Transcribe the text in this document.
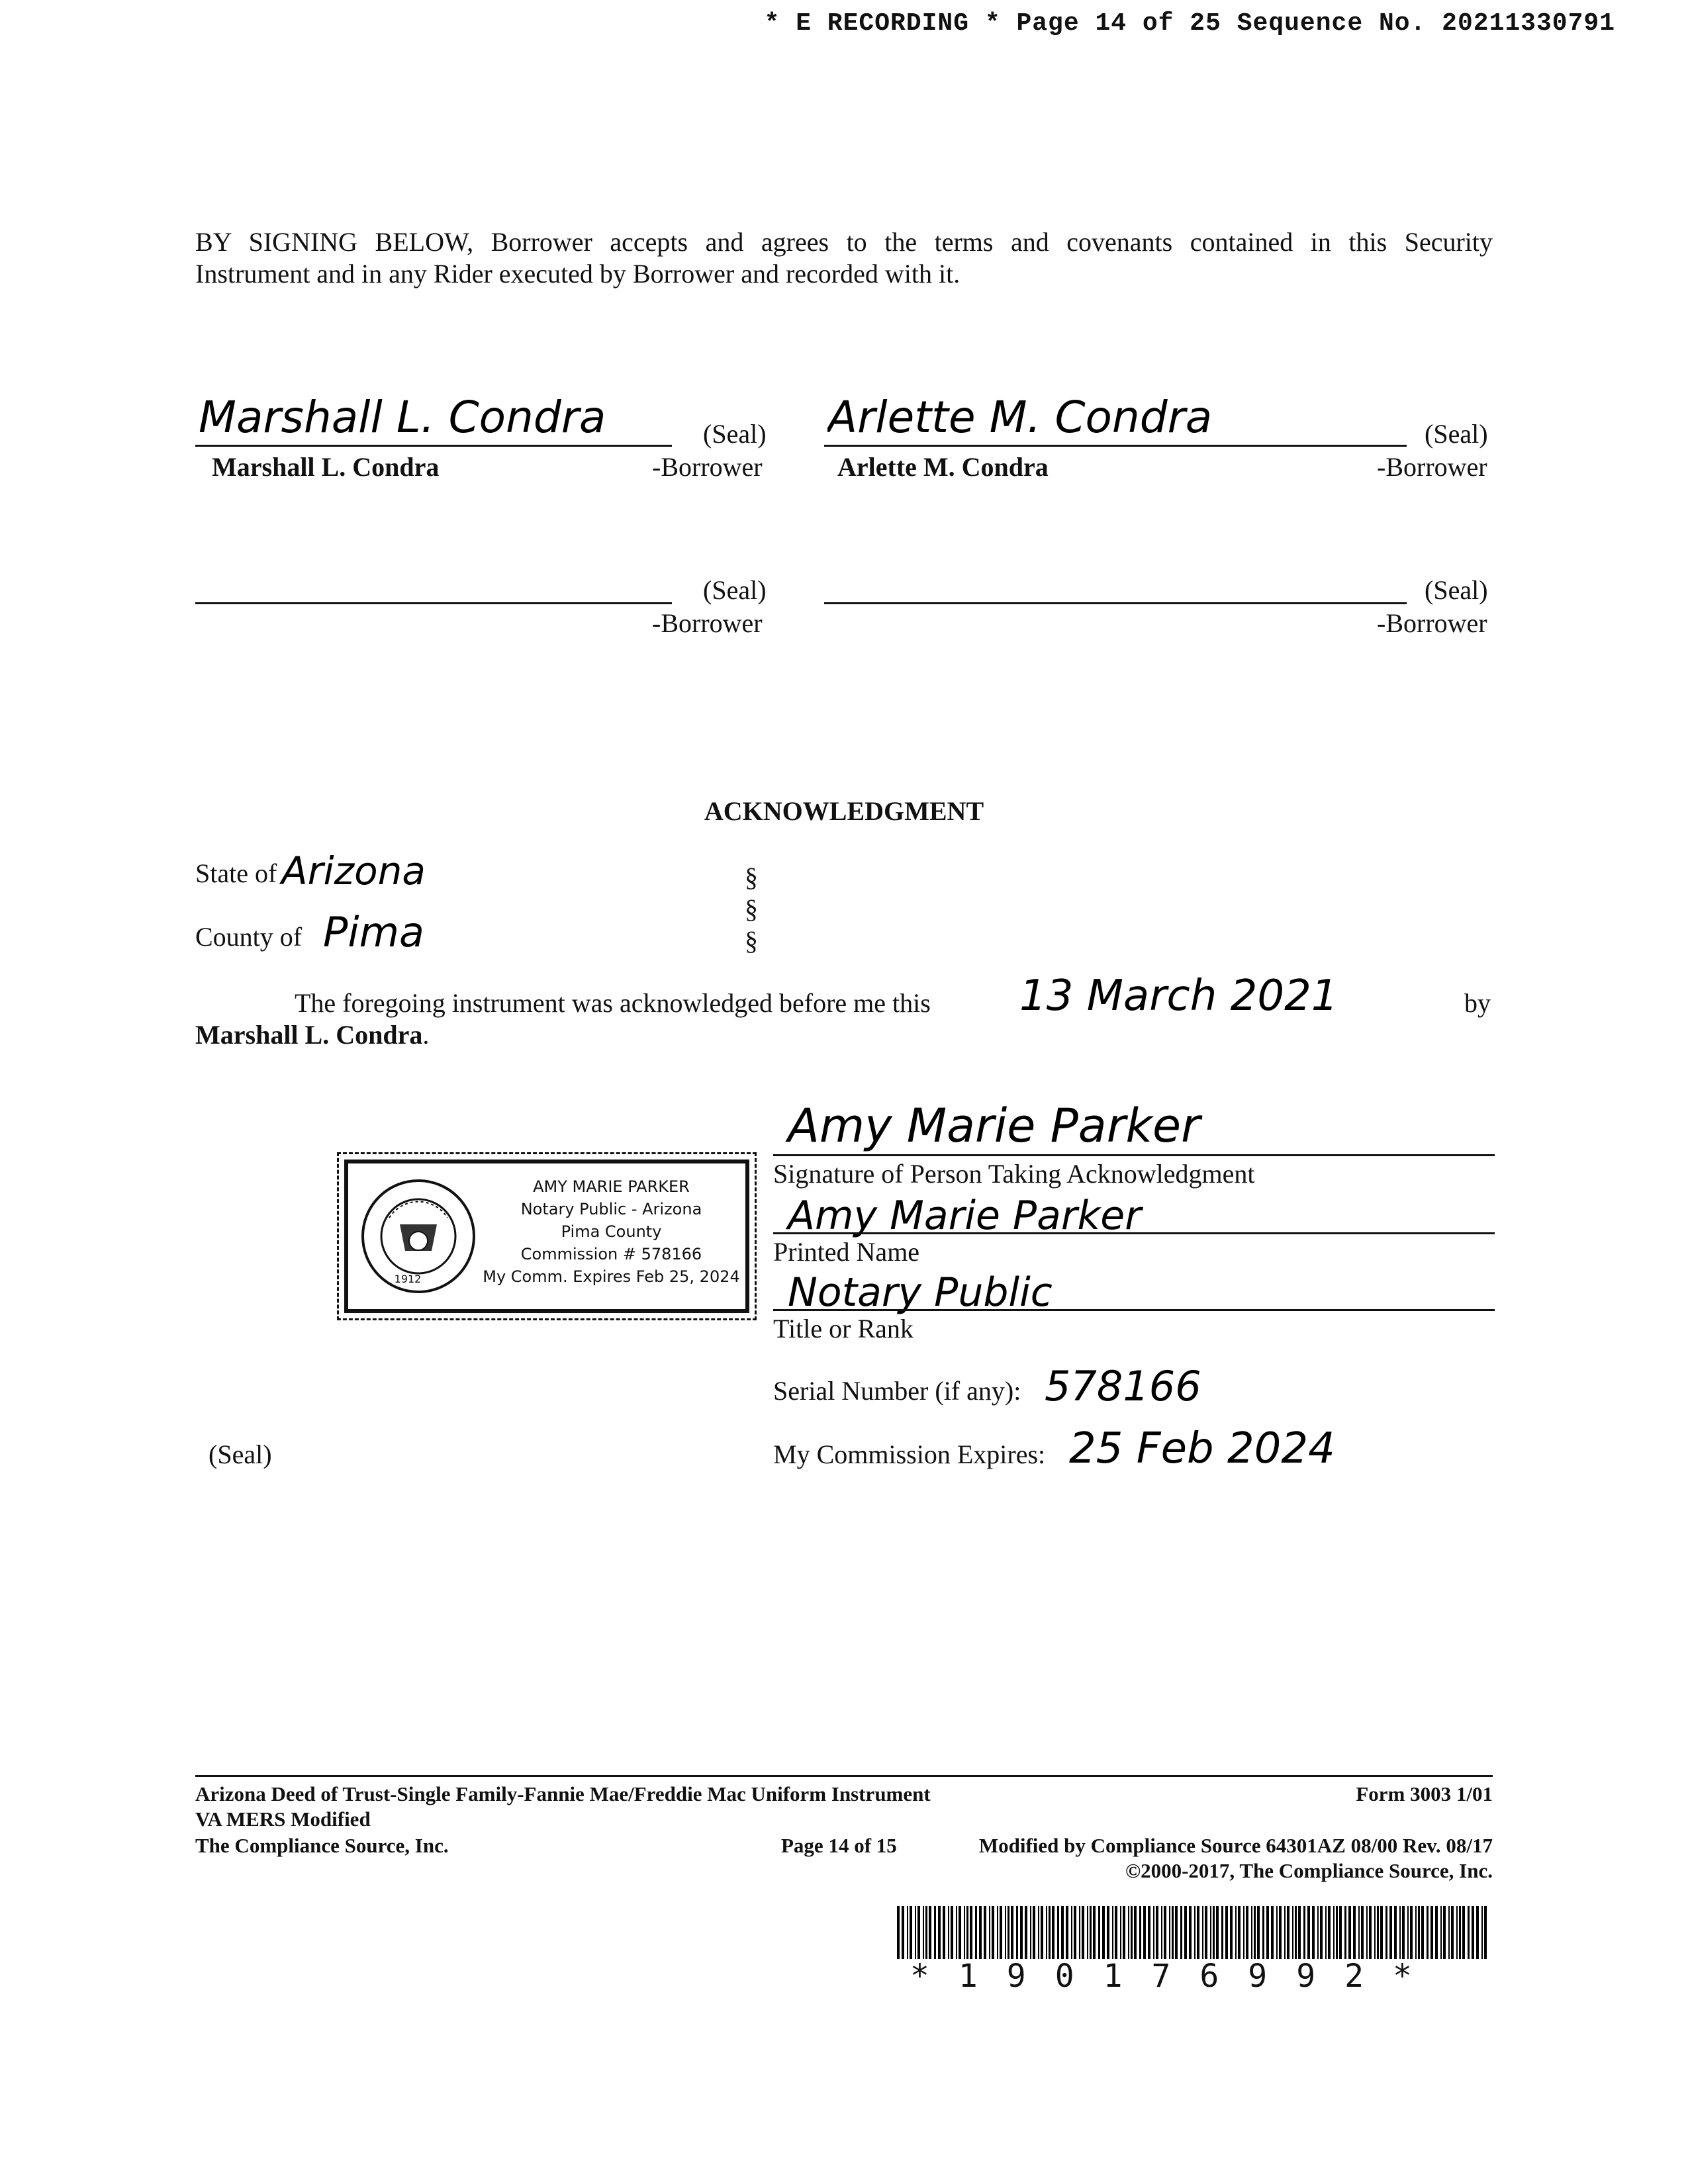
* E RECORDING * Page 14 of 25 Sequence No. 20211330791
BY SIGNING BELOW, Borrower accepts and agrees to the terms and covenants contained in this Security
Instrument and in any Rider executed by Borrower and recorded with it.
Marshall L. Condra	(Seal)
Marshall L. Condra	-Borrower
Arlette M. Condra	(Seal)
Arlette M. Condra	-Borrower
(Seal)
-Borrower
(Seal)
-Borrower
ACKNOWLEDGMENT
State of Arizona
County of Pima
§
§
§
The foregoing instrument was acknowledged before me this 13 March 2021	by
Marshall L. Condra.
1912
AMY MARIE PARKER
Notary Public - Arizona
Pima County
Commission # 578166
My Comm. Expires Feb 25, 2024
Amy Marie Parker
Signature of Person Taking Acknowledgment
Amy Marie Parker
Printed Name
Notary Public
Title or Rank
Serial Number (if any): 578166
My Commission Expires: 25 Feb 2024
(Seal)
Arizona Deed of Trust-Single Family-Fannie Mae/Freddie Mac Uniform Instrument	Form 3003 1/01
VA MERS Modified
The Compliance Source, Inc.	Page 14 of 15	Modified by Compliance Source 64301AZ 08/00 Rev. 08/17
©2000-2017, The Compliance Source, Inc.
*190176992*
